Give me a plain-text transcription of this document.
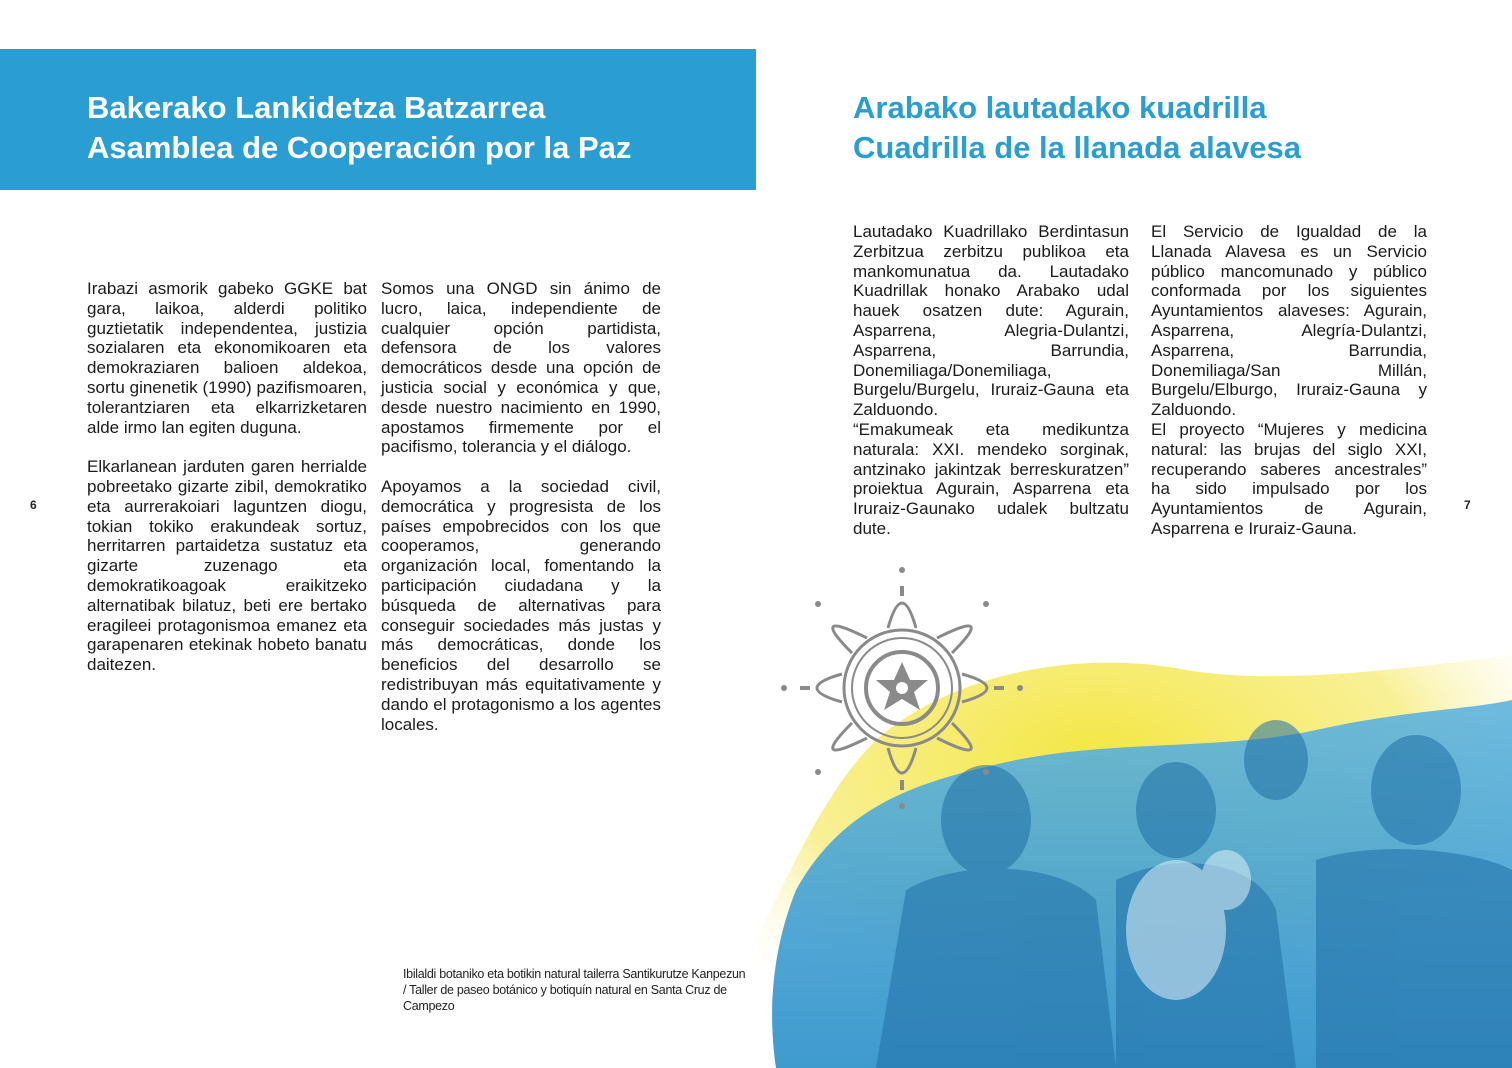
Bakerako Lankidetza Batzarrea
Asamblea de Cooperación por la Paz

Irabazi asmorik gabeko GGKE bat gara, laikoa, alderdi politiko guztietatik independentea, justizia sozialaren eta ekonomikoaren eta demokraziaren balioen aldekoa, sortu ginenetik (1990) pazifismoaren, tolerantziaren eta elkarrizketaren alde irmo lan egiten duguna.

Elkarlanean jarduten garen herrialde pobreetako gizarte zibil, demokratiko eta aurrerakoiari laguntzen diogu, tokian tokiko erakundeak sortuz, herritarren partaidetza sustatuz eta gizarte zuzenago eta demokratikoagoak eraikitzeko alternatibak bilatuz, beti ere bertako eragileei protagonismoa emanez eta garapenaren etekinak hobeto banatu daitezen.

Somos una ONGD sin ánimo de lucro, laica, independiente de cualquier opción partidista, defensora de los valores democráticos desde una opción de justicia social y económica y que, desde nuestro nacimiento en 1990, apostamos firmemente por el pacifismo, tolerancia y el diálogo.

Apoyamos a la sociedad civil, democrática y progresista de los países empobrecidos con los que cooperamos, generando organización local, fomentando la participación ciudadana y la búsqueda de alternativas para conseguir sociedades más justas y más democráticas, donde los beneficios del desarrollo se redistribuyan más equitativamente y dando el protagonismo a los agentes locales.

6
Ibilaldi botaniko eta botikin natural tailerra Santikurutze Kanpezun / Taller de paseo botánico y botiquín natural en Santa Cruz de Campezo
Arabako lautadako kuadrilla
Cuadrilla de la llanada alavesa
Lautadako Kuadrillako Berdintasun Zerbitzua zerbitzu publikoa eta mankomunatua da. Lautadako Kuadrillak honako Arabako udal hauek osatzen dute: Agurain, Asparrena, Alegria-Dulantzi, Asparrena, Barrundia, Donemiliaga/Donemiliaga, Burgelu/Burgelu, Iruraiz-Gauna eta Zalduondo.
“Emakumeak eta medikuntza naturala: XXI. mendeko sorginak, antzinako jakintzak berreskuratzen” proiektua Agurain, Asparrena eta Iruraiz-Gaunako udalek bultzatu dute.
El Servicio de Igualdad de la Llanada Alavesa es un Servicio público mancomunado y público conformada por los siguientes Ayuntamientos alaveses: Agurain, Asparrena, Alegría-Dulantzi, Asparrena, Barrundia, Donemiliaga/San Millán, Burgelu/Elburgo, Iruraiz-Gauna y Zalduondo.
El proyecto “Mujeres y medicina natural: las brujas del siglo XXI, recuperando saberes ancestrales” ha sido impulsado por los Ayuntamientos de Agurain, Asparrena e Iruraiz-Gauna.
7
